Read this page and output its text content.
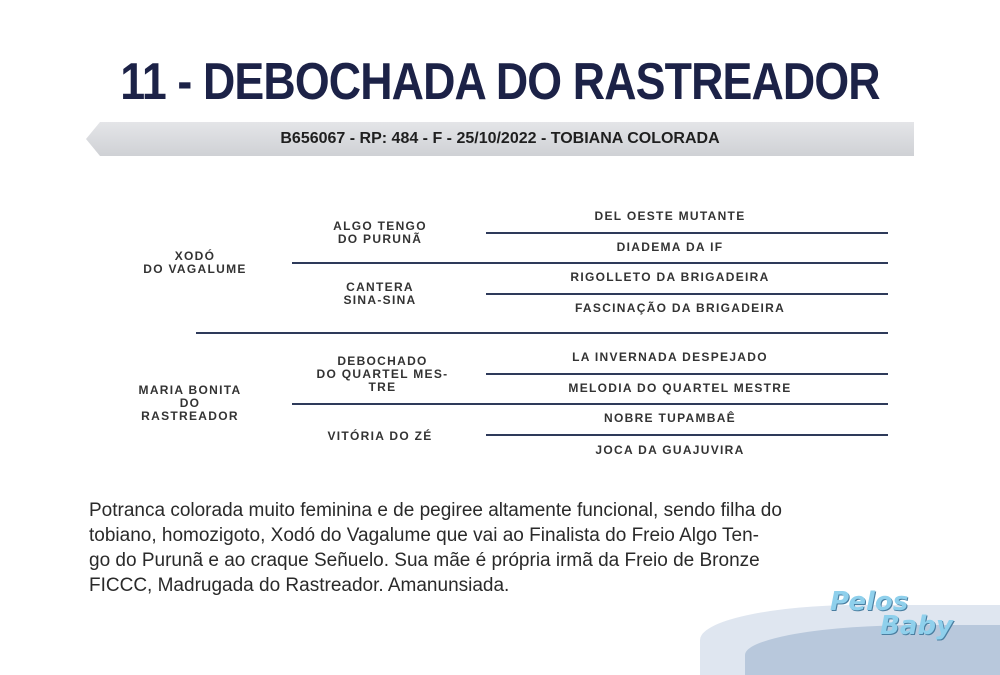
11 - DEBOCHADA DO RASTREADOR
B656067 - RP: 484 - F - 25/10/2022 - TOBIANA COLORADA
XODÓ
DO VAGALUME
MARIA BONITA
DO
RASTREADOR
ALGO TENGO
DO PURUNÃ
CANTERA
SINA-SINA
DEBOCHADO
DO QUARTEL MES-
TRE
VITÓRIA DO ZÉ
DEL OESTE MUTANTE
DIADEMA DA IF
RIGOLLETO DA BRIGADEIRA
FASCINAÇÃO DA BRIGADEIRA
LA INVERNADA DESPEJADO
MELODIA DO QUARTEL MESTRE
NOBRE TUPAMBAÊ
JOCA DA GUAJUVIRA

Potranca colorada muito feminina e de pegiree altamente funcional, sendo filha do

tobiano, homozigoto, Xodó do Vagalume que vai ao Finalista do Freio Algo Ten-

go do Purunã e ao craque Señuelo. Sua mãe é própria irmã da Freio de Bronze

FICCC, Madrugada do Rastreador. Amanunsiada.

Pelos
Baby
